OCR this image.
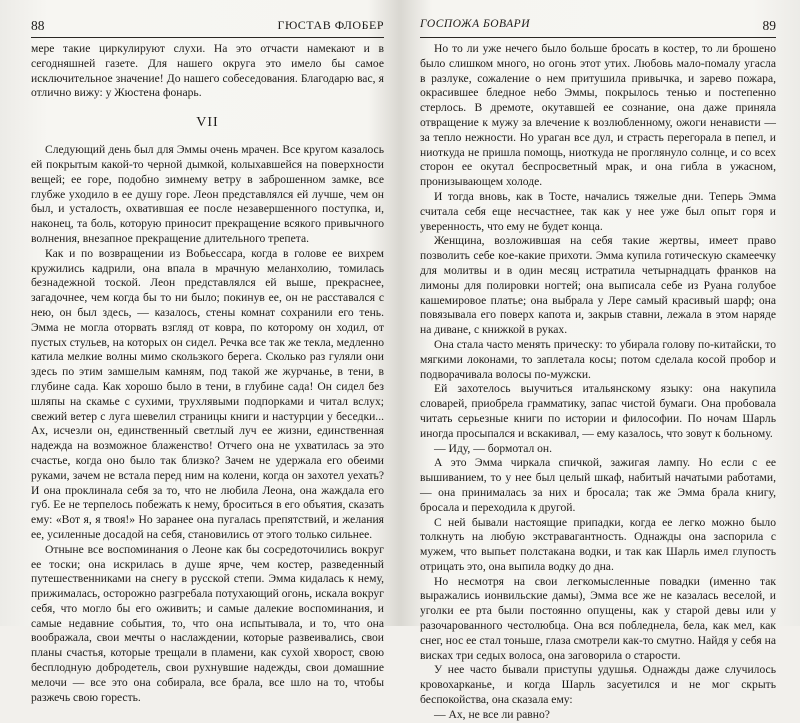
88	ГЮСТАВ ФЛОБЕР

мере такие циркулируют слухи. На это отчасти намекают и в сегодняшней газете. Для нашего округа это имело бы самое исключительное значение! До нашего собеседования. Благодарю вас, я отлично вижу: у Жюстена фонарь.

VII

Следующий день был для Эммы очень мрачен. Все кругом казалось ей покрытым какой-то черной дымкой, колыхавшейся на поверхности вещей; ее горе, подобно зимнему ветру в заброшенном замке, все глубже уходило в ее душу горе. Леон представлялся ей лучше, чем он был, и усталость, охватившая ее после незавершенного поступка, и, наконец, та боль, которую приносит прекращение всякого привычного волнения, внезапное прекращение длительного трепета.

Как и по возвращении из Вобьессара, когда в голове ее вихрем кружились кадрили, она впала в мрачную меланхолию, томилась безнадежной тоской. Леон представлялся ей выше, прекраснее, загадочнее, чем когда бы то ни было; покинув ее, он не расставался с нею, он был здесь, — казалось, стены комнат сохранили его тень. Эмма не могла оторвать взгляд от ковра, по которому он ходил, от пустых стульев, на которых он сидел. Речка все так же текла, медленно катила мелкие волны мимо скользкого берега. Сколько раз гуляли они здесь по этим замшелым камням, под такой же журчанье, в тени, в глубине сада. Как хорошо было в тени, в глубине сада! Он сидел без шляпы на скамье с сухими, трухлявыми подпорками и читал вслух; свежий ветер с луга шевелил страницы книги и настурции у беседки... Ах, исчезли он, единственный светлый луч ее жизни, единственная надежда на возможное блаженство! Отчего она не ухватилась за это счастье, когда оно было так близко? Зачем не удержала его обеими руками, зачем не встала перед ним на колени, когда он захотел уехать? И она проклинала себя за то, что не любила Леона, она жаждала его губ. Ее не терпелось побежать к нему, броситься в его объятия, сказать ему: «Вот я, я твоя!» Но заранее она пугалась препятствий, и желания ее, усиленные досадой на себя, становились от этого только сильнее.

Отныне все воспоминания о Леоне как бы сосредоточились вокруг ее тоски; она искрилась в душе ярче, чем костер, разведенный путешественниками на снегу в русской степи. Эмма кидалась к нему, прижималась, осторожно разгребала потухающий огонь, искала вокруг себя, что могло бы его оживить; и самые далекие воспоминания, и самые недавние события, то, что она испытывала, и то, что она воображала, свои мечты о наслаждении, которые развеивались, свои планы счастья, которые трещали в пламени, как сухой хворост, свою бесплодную добродетель, свои рухнувшие надежды, свои домашние мелочи — все это она собирала, все брала, все шло на то, чтобы разжечь свою горесть.

ГОСПОЖА БОВАРИ	89

Но то ли уже нечего было больше бросать в костер, то ли брошено было слишком много, но огонь этот утих. Любовь мало-помалу угасла в разлуке, сожаление о нем притушила привычка, и зарево пожара, окрасившее бледное небо Эммы, покрылось тенью и постепенно стерлось. В дремоте, окутавшей ее сознание, она даже приняла отвращение к мужу за влечение к возлюбленному, ожоги ненависти — за тепло нежности. Но ураган все дул, и страсть перегорала в пепел, и ниоткуда не пришла помощь, ниоткуда не проглянуло солнце, и со всех сторон ее окутал беспросветный мрак, и она гибла в ужасном, пронизывающем холоде.

И тогда вновь, как в Тосте, начались тяжелые дни. Теперь Эмма считала себя еще несчастнее, так как у нее уже был опыт горя и уверенность, что ему не будет конца.

Женщина, возложившая на себя такие жертвы, имеет право позволить себе кое-какие прихоти. Эмма купила готическую скамеечку для молитвы и в один месяц истратила четырнадцать франков на лимоны для полировки ногтей; она выписала себе из Руана голубое кашемировое платье; она выбрала у Лере самый красивый шарф; она повязывала его поверх капота и, закрыв ставни, лежала в этом наряде на диване, с книжкой в руках.

Она стала часто менять прическу: то убирала голову по-китайски, то мягкими локонами, то заплетала косы; потом сделала косой пробор и подворачивала волосы по-мужски.

Ей захотелось выучиться итальянскому языку: она накупила словарей, приобрела грамматику, запас чистой бумаги. Она пробовала читать серьезные книги по истории и философии. По ночам Шарль иногда просыпался и вскакивал, — ему казалось, что зовут к больному.

— Иду, — бормотал он.

А это Эмма чиркала спичкой, зажигая лампу. Но если с ее вышиванием, то у нее был целый шкаф, набитый начатыми работами, — она принималась за них и бросала; так же Эмма брала книгу, бросала и переходила к другой.

С ней бывали настоящие припадки, когда ее легко можно было толкнуть на любую экстравагантность. Однажды она заспорила с мужем, что выпьет полстакана водки, и так как Шарль имел глупость отрицать это, она выпила водку до дна.

Но несмотря на свои легкомысленные повадки (именно так выражались ионвильские дамы), Эмма все же не казалась веселой, и уголки ее рта были постоянно опущены, как у старой девы или у разочарованного честолюбца. Она вся побледнела, бела, как мел, как снег, нос ее стал тоньше, глаза смотрели как-то смутно. Найдя у себя на висках три седых волоса, она заговорила о старости.

У нее часто бывали приступы удушья. Однажды даже случилось кровохарканье, и когда Шарль засуетился и не мог скрыть беспокойства, она сказала ему:

— Ах, не все ли равно?
